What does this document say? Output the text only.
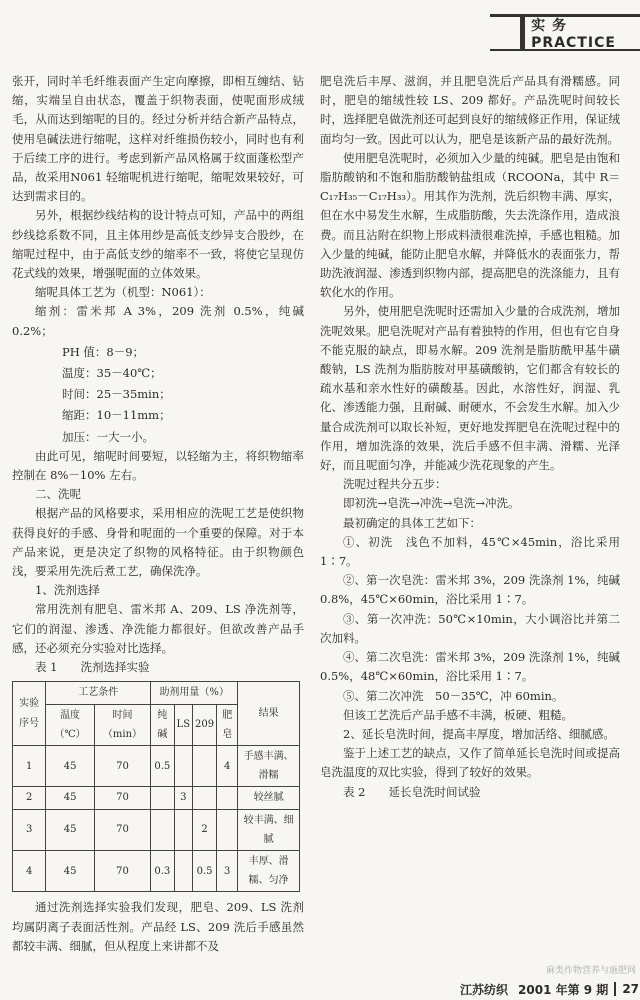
实 务 PRACTICE

张开，同时羊毛纤维表面产生定向摩擦，即相互缠结、钻缩，实端呈自由状态，覆盖于织物表面，使呢面形成绒毛，从而达到缩呢的目的。经过分析并结合新产品特点，使用皂碱法进行缩呢，这样对纤维损伤较小，同时也有利于后续工序的进行。考虑到新产品风格属于纹面蓬松型产品，故采用N061 轻缩呢机进行缩呢，缩呢效果较好，可达到需求目的。

另外，根据纱线结构的设计特点可知，产品中的两组纱线捻系数不同，且主体用纱是高低支纱异支合股纱，在缩呢过程中，由于高低支纱的缩率不一致，将使它呈现仿花式线的效果，增强呢面的立体效果。

缩呢具体工艺为（机型：N061）：

缩剂：雷米邦 A 3%，209 洗剂 0.5%，纯碱 0.2%；

PH 值：8－9；

温度：35－40℃；

时间：25－35min；

缩距：10－11mm；

加压：一大一小。

由此可见，缩呢时间要短，以轻缩为主，将织物缩率控制在 8%－10% 左右。

二、洗呢

根据产品的风格要求，采用相应的洗呢工艺是使织物获得良好的手感、身骨和呢面的一个重要的保障。对于本产品来说，更是决定了织物的风格特征。由于织物颜色浅，要采用先洗后煮工艺，确保洗净。

1、洗剂选择

常用洗剂有肥皂、雷米邦 A、209、LS 净洗剂等，它们的润湿、渗透、净洗能力都很好。但欲改善产品手感，还必须充分实验对比选择。

表 1　　洗剂选择实验

实验序号	工艺条件		助剂用量（%）				结果
	温度（℃）	时间（min）	纯碱	LS	209	肥皂	
1	45	70	0.5			4	手感丰满、滑糯
2	45	70		3			较丝腻
3	45	70			2		较丰满、细腻
4	45	70	0.3		0.5	3	丰厚、滑糯、匀净

通过洗剂选择实验我们发现，肥皂、209、LS 洗剂均属阴离子表面活性剂。产品经 LS、209 洗后手感虽然都较丰满、细腻，但从程度上来讲都不及

肥皂洗后丰厚、滋润，并且肥皂洗后产品具有滑糯感。同时，肥皂的缩绒性较 LS、209 都好。产品洗呢时间较长时，选择肥皂做洗剂还可起到良好的缩绒修正作用，保证绒面均匀一致。因此可以认为，肥皂是该新产品的最好洗剂。

使用肥皂洗呢时，必须加入少量的纯碱。肥皂是由饱和脂肪酸钠和不饱和脂肪酸钠盐组成（RCOONa，其中 R＝C₁₇H₃₅－C₁₇H₃₃）。用其作为洗剂，洗后织物丰满、厚实，但在水中易发生水解，生成脂肪酸，失去洗涤作用，造成浪费。而且沾附在织物上形成料渍很难洗掉，手感也粗糙。加入少量的纯碱，能防止肥皂水解，并降低水的表面张力，帮助洗液润湿、渗透到织物内部，提高肥皂的洗涤能力，且有软化水的作用。

另外，使用肥皂洗呢时还需加入少量的合成洗剂，增加洗呢效果。肥皂洗呢对产品有着独特的作用，但也有它自身不能克服的缺点，即易水解。209 洗剂是脂肪酰甲基牛磺酸钠，LS 洗剂为脂肪胺对甲基磺酸钠，它们都含有较长的疏水基和亲水性好的磺酸基。因此，水溶性好，润湿、乳化、渗透能力强，且耐碱、耐硬水，不会发生水解。加入少量合成洗剂可以取长补短，更好地发挥肥皂在洗呢过程中的作用，增加洗涤的效果，洗后手感不但丰满、滑糯、光泽好，而且呢面匀净，并能减少洗花现象的产生。

洗呢过程共分五步：

即初洗→皂洗→冲洗→皂洗→冲洗。

最初确定的具体工艺如下：

①、初洗　浅色不加料，45℃×45min，浴比采用 1∶7。

②、第一次皂洗：雷米邦 3%，209 洗涤剂 1%，纯碱 0.8%，45℃×60min，浴比采用 1∶7。

③、第一次冲洗：50℃×10min，大小调浴比并第二次加料。

④、第二次皂洗：雷米邦 3%，209 洗涤剂 1%，纯碱 0.5%，48℃×60min，浴比采用 1∶7。

⑤、第二次冲洗　50－35℃，冲 60min。

但该工艺洗后产品手感不丰满，板硬、粗糙。

2、延长皂洗时间，提高丰厚度，增加活络、细腻感。

鉴于上述工艺的缺点，又作了简单延长皂洗时间或提高皂洗温度的双比实验，得到了较好的效果。

表 2　　延长皂洗时间试验

麻类作物营养与施肥网
江苏纺织 2001 年第 9 期 27
